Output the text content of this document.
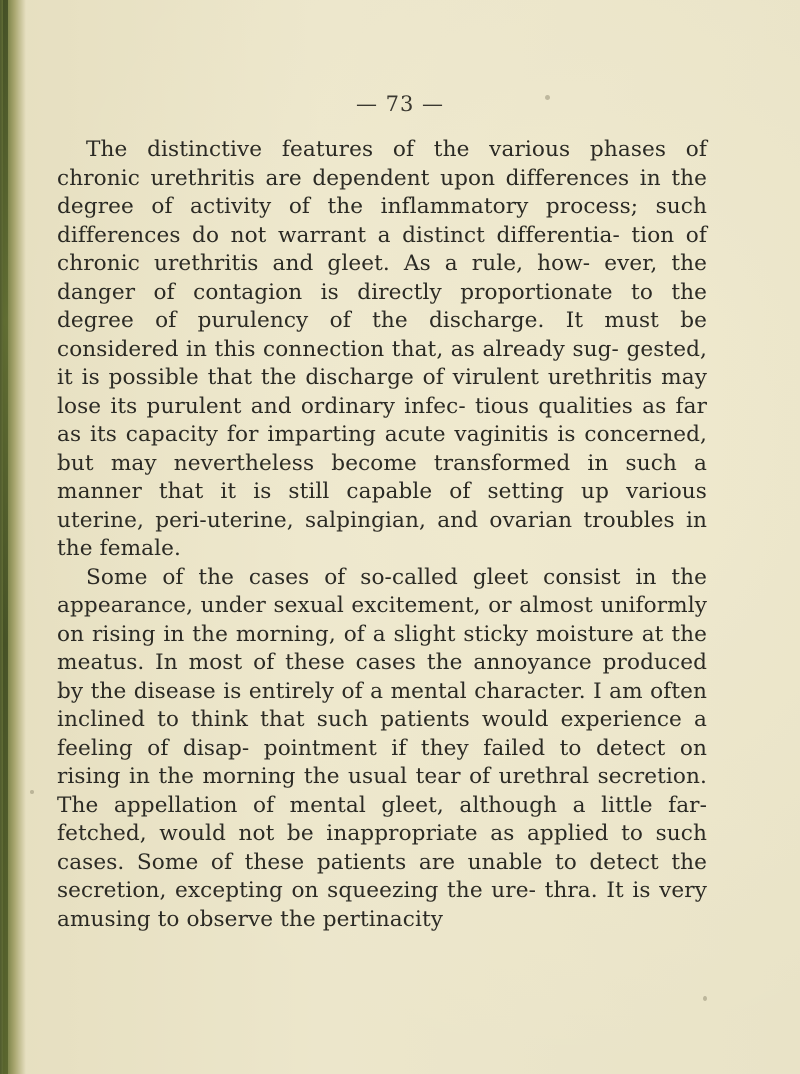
— 73 —

The distinctive features of the various phases of chronic urethritis are dependent upon differences in the degree of activity of the inflammatory process; such differences do not warrant a distinct differentia- tion of chronic urethritis and gleet. As a rule, how- ever, the danger of contagion is directly proportionate to the degree of purulency of the discharge. It must be considered in this connection that, as already sug- gested, it is possible that the discharge of virulent urethritis may lose its purulent and ordinary infec- tious qualities as far as its capacity for imparting acute vaginitis is concerned, but may nevertheless become transformed in such a manner that it is still capable of setting up various uterine, peri-uterine, salpingian, and ovarian troubles in the female.

Some of the cases of so-called gleet consist in the appearance, under sexual excitement, or almost uniformly on rising in the morning, of a slight sticky moisture at the meatus. In most of these cases the annoyance produced by the disease is entirely of a mental character. I am often inclined to think that such patients would experience a feeling of disap- pointment if they failed to detect on rising in the morning the usual tear of urethral secretion. The appellation of mental gleet, although a little far- fetched, would not be inappropriate as applied to such cases. Some of these patients are unable to detect the secretion, excepting on squeezing the ure- thra. It is very amusing to observe the pertinacity
